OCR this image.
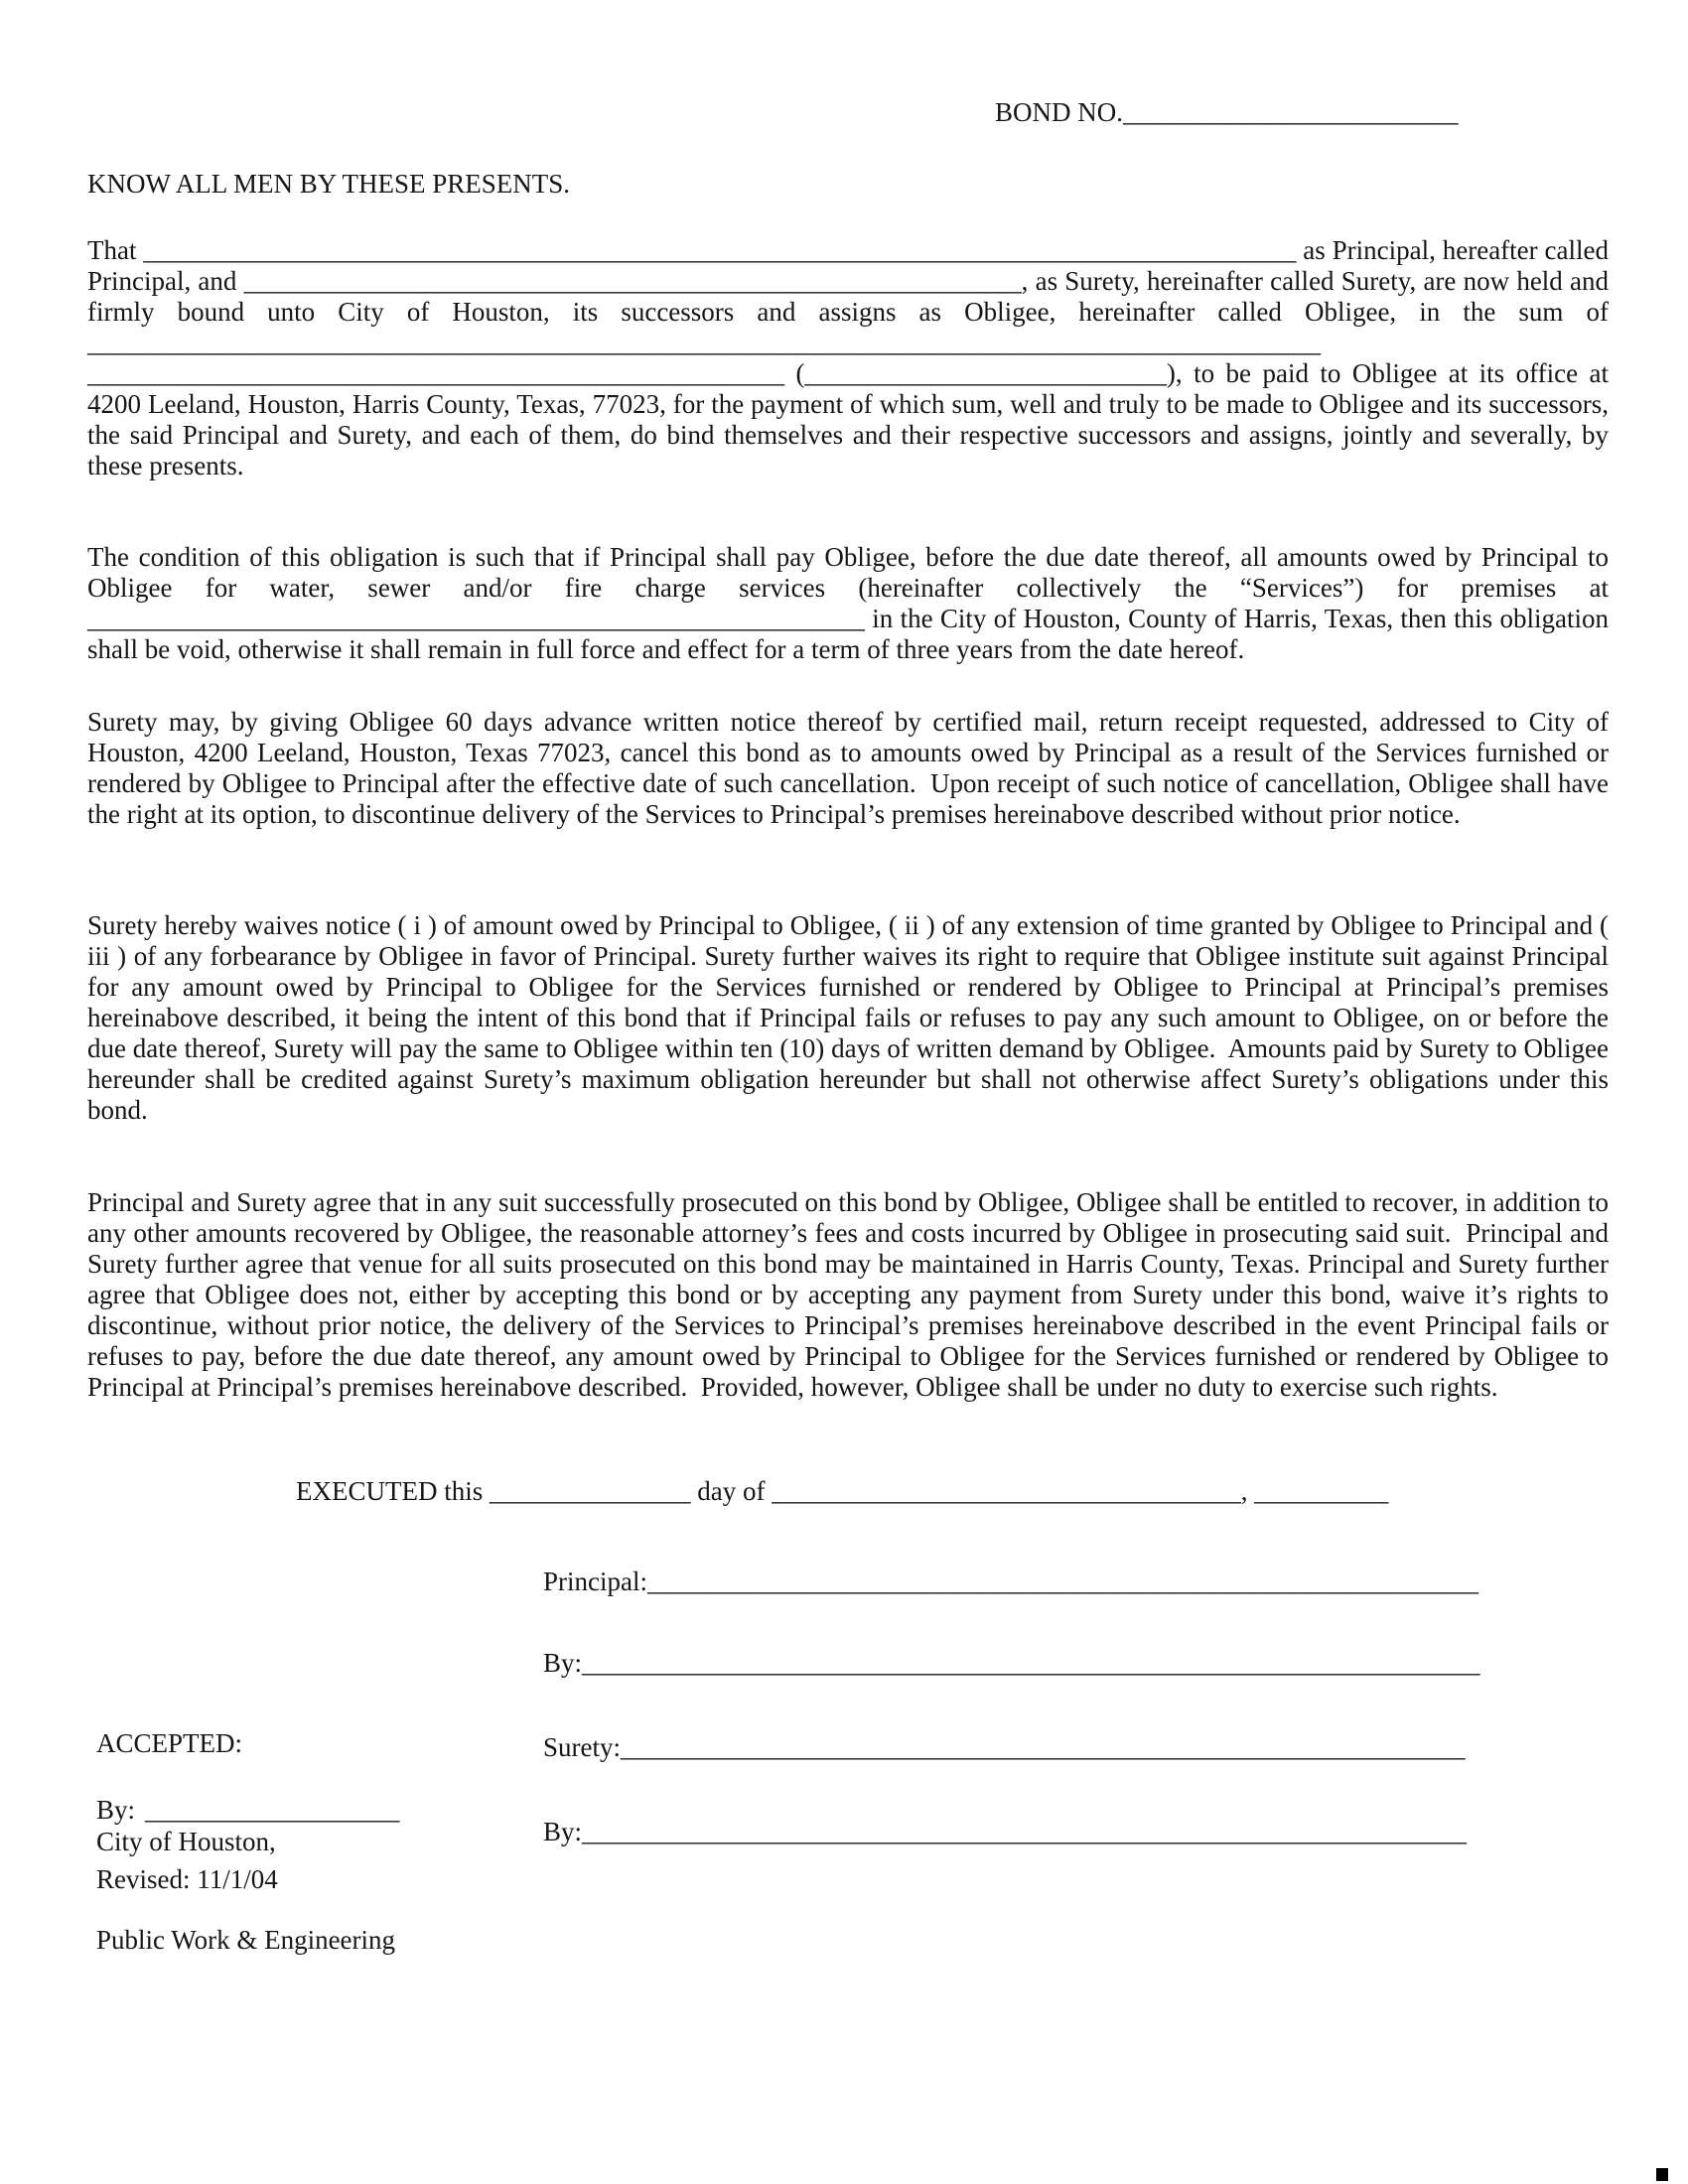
BOND NO._________________________
KNOW ALL MEN BY THESE PRESENTS.

That ______________________________________________________________________________________ as Principal, hereafter called Principal, and __________________________________________________________, as Surety, hereinafter called Surety, are now held and firmly bound unto City of Houston, its successors and assigns as Obligee, hereinafter called Obligee, in the sum of ____________________________________________________________________________________________ ____________________________________________________ (___________________________), to be paid to Obligee at its office at 4200 Leeland, Houston, Harris County, Texas, 77023, for the payment of which sum, well and truly to be made to Obligee and its successors, the said Principal and Surety, and each of them, do bind themselves and their respective successors and assigns, jointly and severally, by these presents.

The condition of this obligation is such that if Principal shall pay Obligee, before the due date thereof, all amounts owed by Principal to Obligee for water, sewer and/or fire charge services (hereinafter collectively the “Services”) for premises at __________________________________________________________ in the City of Houston, County of Harris, Texas, then this obligation shall be void, otherwise it shall remain in full force and effect for a term of three years from the date hereof.

Surety may, by giving Obligee 60 days advance written notice thereof by certified mail, return receipt requested, addressed to City of Houston, 4200 Leeland, Houston, Texas 77023, cancel this bond as to amounts owed by Principal as a result of the Services furnished or rendered by Obligee to Principal after the effective date of such cancellation.  Upon receipt of such notice of cancellation, Obligee shall have the right at its option, to discontinue delivery of the Services to Principal’s premises hereinabove described without prior notice.

Surety hereby waives notice ( i ) of amount owed by Principal to Obligee, ( ii ) of any extension of time granted by Obligee to Principal and ( iii ) of any forbearance by Obligee in favor of Principal. Surety further waives its right to require that Obligee institute suit against Principal for any amount owed by Principal to Obligee for the Services furnished or rendered by Obligee to Principal at Principal’s premises hereinabove described, it being the intent of this bond that if Principal fails or refuses to pay any such amount to Obligee, on or before the due date thereof, Surety will pay the same to Obligee within ten (10) days of written demand by Obligee.  Amounts paid by Surety to Obligee hereunder shall be credited against Surety’s maximum obligation hereunder but shall not otherwise affect Surety’s obligations under this bond.

Principal and Surety agree that in any suit successfully prosecuted on this bond by Obligee, Obligee shall be entitled to recover, in addition to any other amounts recovered by Obligee, the reasonable attorney’s fees and costs incurred by Obligee in prosecuting said suit.  Principal and Surety further agree that venue for all suits prosecuted on this bond may be maintained in Harris County, Texas. Principal and Surety further agree that Obligee does not, either by accepting this bond or by accepting any payment from Surety under this bond, waive it’s rights to discontinue, without prior notice, the delivery of the Services to Principal’s premises hereinabove described in the event Principal fails or refuses to pay, before the due date thereof, any amount owed by Principal to Obligee for the Services furnished or rendered by Obligee to Principal at Principal’s premises hereinabove described.  Provided, however, Obligee shall be under no duty to exercise such rights.

EXECUTED this _______________ day of ___________________________________, __________
Principal:______________________________________________________________
By:___________________________________________________________________
Surety:_______________________________________________________________
By:__________________________________________________________________

ACCEPTED:

City of Houston,

Public Work & Engineering

By: ___________________
Revised: 11/1/04
